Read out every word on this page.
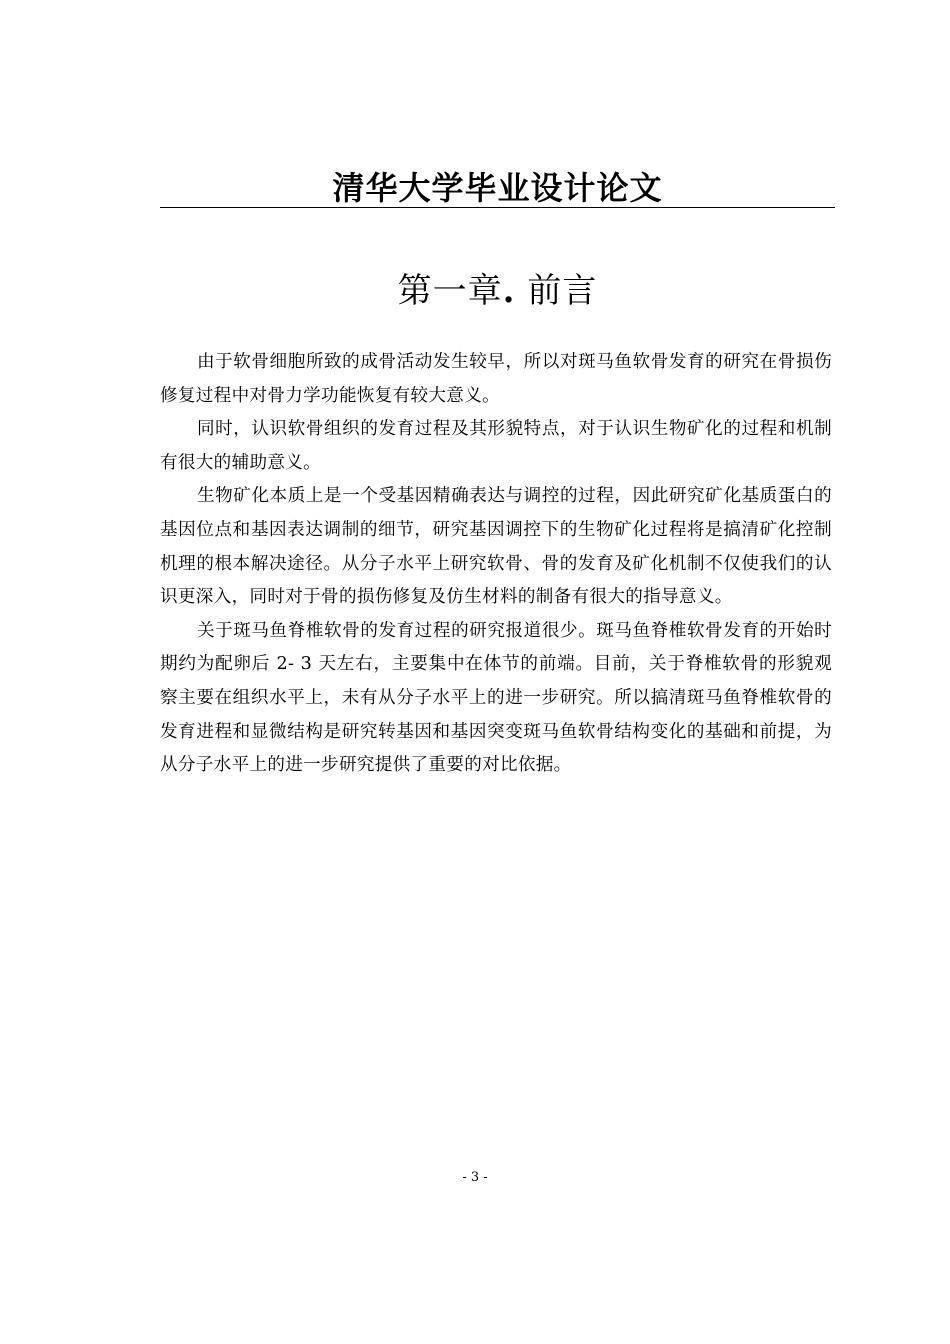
清华大学毕业设计论文
第一章. 前言

由于软骨细胞所致的成骨活动发生较早，所以对斑马鱼软骨发育的研究在骨损伤修复过程中对骨力学功能恢复有较大意义。

同时，认识软骨组织的发育过程及其形貌特点，对于认识生物矿化的过程和机制有很大的辅助意义。

生物矿化本质上是一个受基因精确表达与调控的过程，因此研究矿化基质蛋白的基因位点和基因表达调制的细节，研究基因调控下的生物矿化过程将是搞清矿化控制机理的根本解决途径。从分子水平上研究软骨、骨的发育及矿化机制不仅使我们的认识更深入，同时对于骨的损伤修复及仿生材料的制备有很大的指导意义。

关于斑马鱼脊椎软骨的发育过程的研究报道很少。斑马鱼脊椎软骨发育的开始时期约为配卵后 2- 3 天左右，主要集中在体节的前端。目前，关于脊椎软骨的形貌观察主要在组织水平上，未有从分子水平上的进一步研究。所以搞清斑马鱼脊椎软骨的发育进程和显微结构是研究转基因和基因突变斑马鱼软骨结构变化的基础和前提，为从分子水平上的进一步研究提供了重要的对比依据。

- 3 -
